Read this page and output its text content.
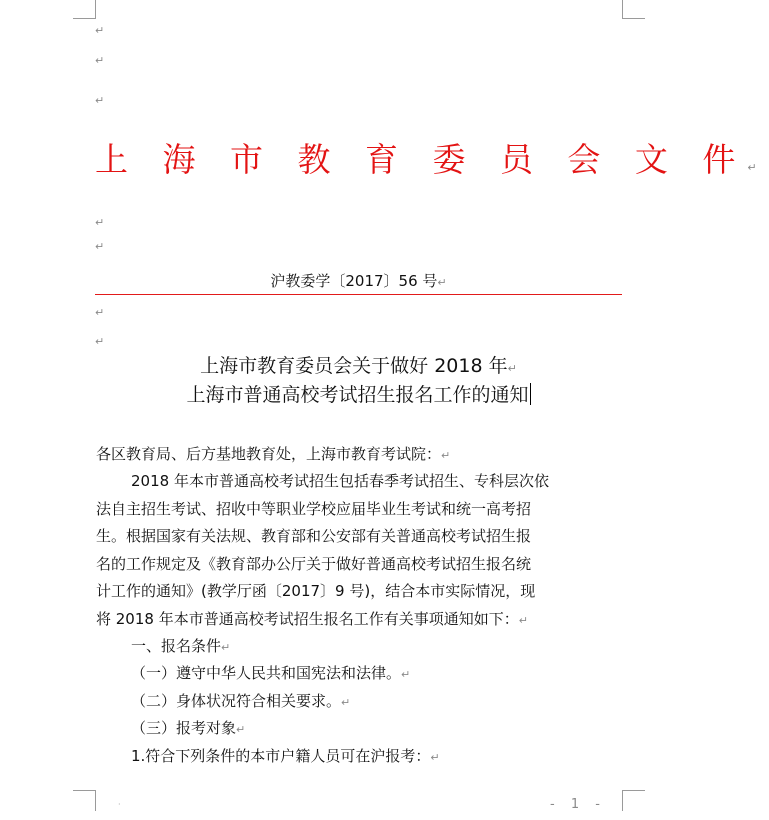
↵
↵
↵
上 海 市 教 育 委 员 会 文 件↵
↵
↵
沪教委学〔2017〕56 号↵
↵
↵
上海市教育委员会关于做好 2018 年↵
上海市普通高校考试招生报名工作的通知
各区教育局、后方基地教育处，上海市教育考试院：↵
2018 年本市普通高校考试招生包括春季考试招生、专科层次依
法自主招生考试、招收中等职业学校应届毕业生考试和统一高考招
生。根据国家有关法规、教育部和公安部有关普通高校考试招生报
名的工作规定及《教育部办公厅关于做好普通高校考试招生报名统
计工作的通知》(教学厅函〔2017〕9 号)，结合本市实际情况，现
将 2018 年本市普通高校考试招生报名工作有关事项通知如下：↵
一、报名条件↵
（一）遵守中华人民共和国宪法和法律。↵
（二）身体状况符合相关要求。↵
（三）报考对象↵
1.符合下列条件的本市户籍人员可在沪报考：↵
·	- 1 -
